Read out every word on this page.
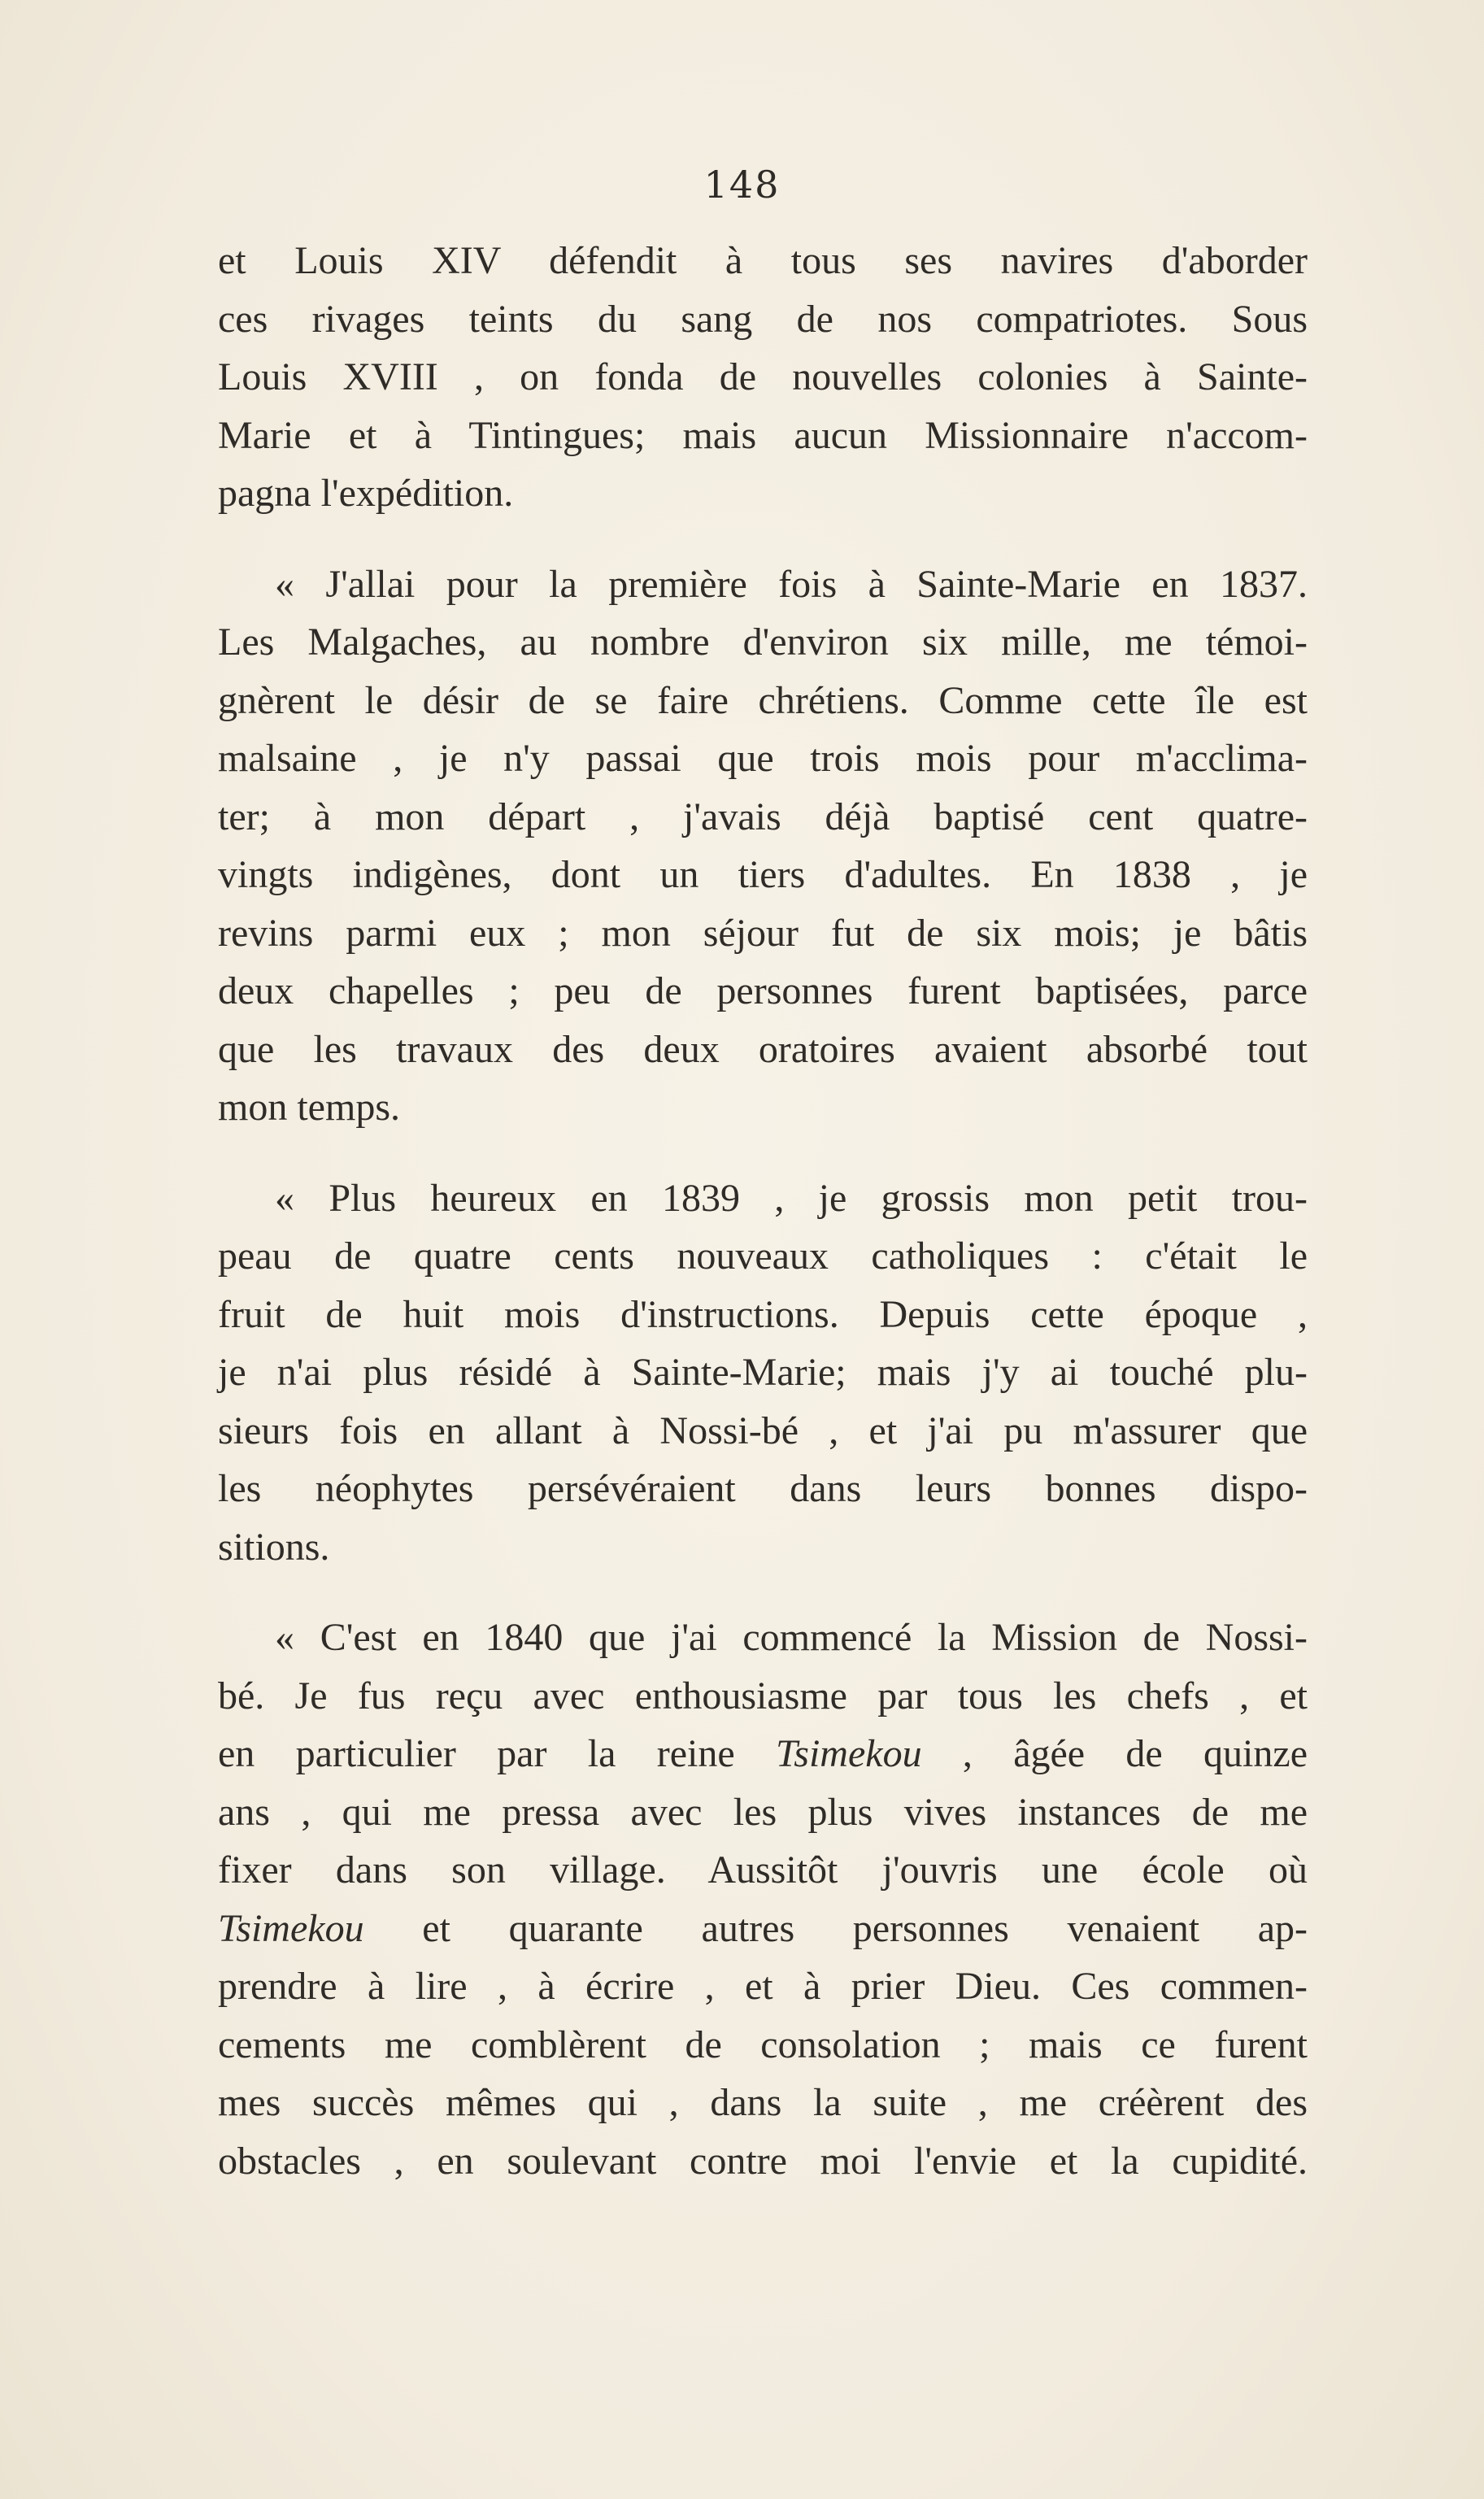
148

et Louis XIV défendit à tous ses navires d'aborder
ces rivages teints du sang de nos compatriotes. Sous
Louis XVIII , on fonda de nouvelles colonies à Sainte-
Marie et à Tintingues; mais aucun Missionnaire n'accom-
pagna l'expédition.

« J'allai pour la première fois à Sainte-Marie en 1837.
Les Malgaches, au nombre d'environ six mille, me témoi-
gnèrent le désir de se faire chrétiens. Comme cette île est
malsaine , je n'y passai que trois mois pour m'acclima-
ter; à mon départ , j'avais déjà baptisé cent quatre-
vingts indigènes, dont un tiers d'adultes. En 1838 , je
revins parmi eux ; mon séjour fut de six mois; je bâtis
deux chapelles ; peu de personnes furent baptisées, parce
que les travaux des deux oratoires avaient absorbé tout
mon temps.

« Plus heureux en 1839 , je grossis mon petit trou-
peau de quatre cents nouveaux catholiques : c'était le
fruit de huit mois d'instructions. Depuis cette époque ,
je n'ai plus résidé à Sainte-Marie; mais j'y ai touché plu-
sieurs fois en allant à Nossi-bé , et j'ai pu m'assurer que
les néophytes persévéraient dans leurs bonnes dispo-
sitions.

« C'est en 1840 que j'ai commencé la Mission de Nossi-
bé. Je fus reçu avec enthousiasme par tous les chefs , et
en particulier par la reine Tsimekou , âgée de quinze
ans , qui me pressa avec les plus vives instances de me
fixer dans son village. Aussitôt j'ouvris une école où
Tsimekou et quarante autres personnes venaient ap-
prendre à lire , à écrire , et à prier Dieu. Ces commen-
cements me comblèrent de consolation ; mais ce furent
mes succès mêmes qui , dans la suite , me créèrent des
obstacles , en soulevant contre moi l'envie et la cupidité.
